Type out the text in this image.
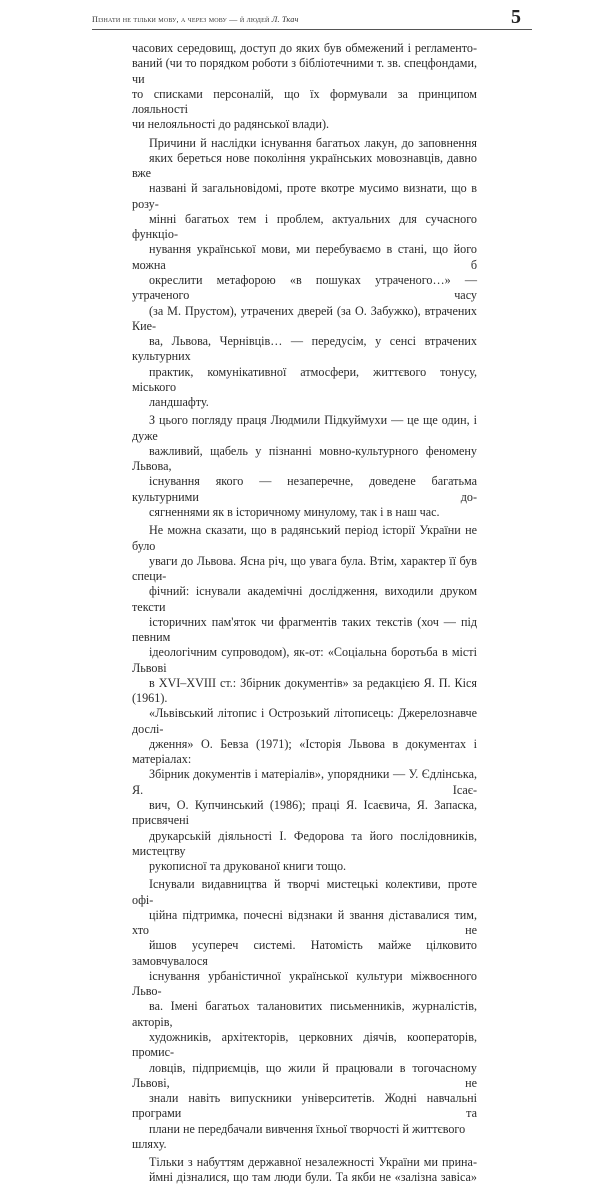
Пізнати не тільки мову, а через мову — й людей Л. Ткач	5

часових середовищ, доступ до яких був обмежений і регламенто-
ваний (чи то порядком роботи з бібліотечними т. зв. спецфондами, чи
то списками персоналій, що їх формували за принципом лояльності
чи нелояльності до радянської влади).

Причини й наслідки існування багатьох лакун, до заповнення
яких береться нове покоління українських мовознавців, давно вже
названі й загальновідомі, проте вкотре мусимо визнати, що в розу-
мінні багатьох тем і проблем, актуальних для сучасного функціо-
нування української мови, ми перебуваємо в стані, що його можна б
окреслити метафорою «в пошуках утраченого…» — утраченого часу
(за М. Прустом), утрачених дверей (за О. Забужко), втрачених Кие-
ва, Львова, Чернівців… — передусім, у сенсі втрачених культурних
практик, комунікативної атмосфери, життєвого тонусу, міського
ландшафту.

З цього погляду праця Людмили Підкуймухи — це ще один, і дуже
важливий, щабель у пізнанні мовно-культурного феномену Львова,
існування якого — незаперечне, доведене багатьма культурними до-
сягненнями як в історичному минулому, так і в наш час.

Не можна сказати, що в радянський період історії України не було
уваги до Львова. Ясна річ, що увага була. Втім, характер її був специ-
фічний: існували академічні дослідження, виходили друком тексти
історичних пам'яток чи фрагментів таких текстів (хоч — під певним
ідеологічним супроводом), як-от: «Соціальна боротьба в місті Львові
в XVI–XVIII ст.: Збірник документів» за редакцією Я. П. Кіся (1961).
«Львівський літопис і Острозький літописець: Джерелознавче дослі-
дження» О. Бевза (1971); «Історія Львова в документах і матеріалах:
Збірник документів і матеріалів», упорядники — У. Єдлінська, Я. Ісає-
вич, О. Купчинський (1986); праці Я. Ісаєвича, Я. Запаска, присвячені
друкарській діяльності І. Федорова та його послідовників, мистецтву
рукописної та друкованої книги тощо.

Існували видавництва й творчі мистецькі колективи, проте офі-
ційна підтримка, почесні відзнаки й звання діставалися тим, хто не
йшов усупереч системі. Натомість майже цілковито замовчувалося
існування урбаністичної української культури міжвоєнного Льво-
ва. Імені багатьох талановитих письменників, журналістів, акторів,
художників, архітекторів, церковних діячів, кооператорів, промис-
ловців, підприємців, що жили й працювали в тогочасному Львові, не
знали навіть випускники університетів. Жодні навчальні програми та
плани не передбачали вивчення їхньої творчості й життєвого шляху.

Тільки з набуттям державної незалежності України ми прина-
ймні дізналися, що там люди були. Та якби не «залізна завіса»
